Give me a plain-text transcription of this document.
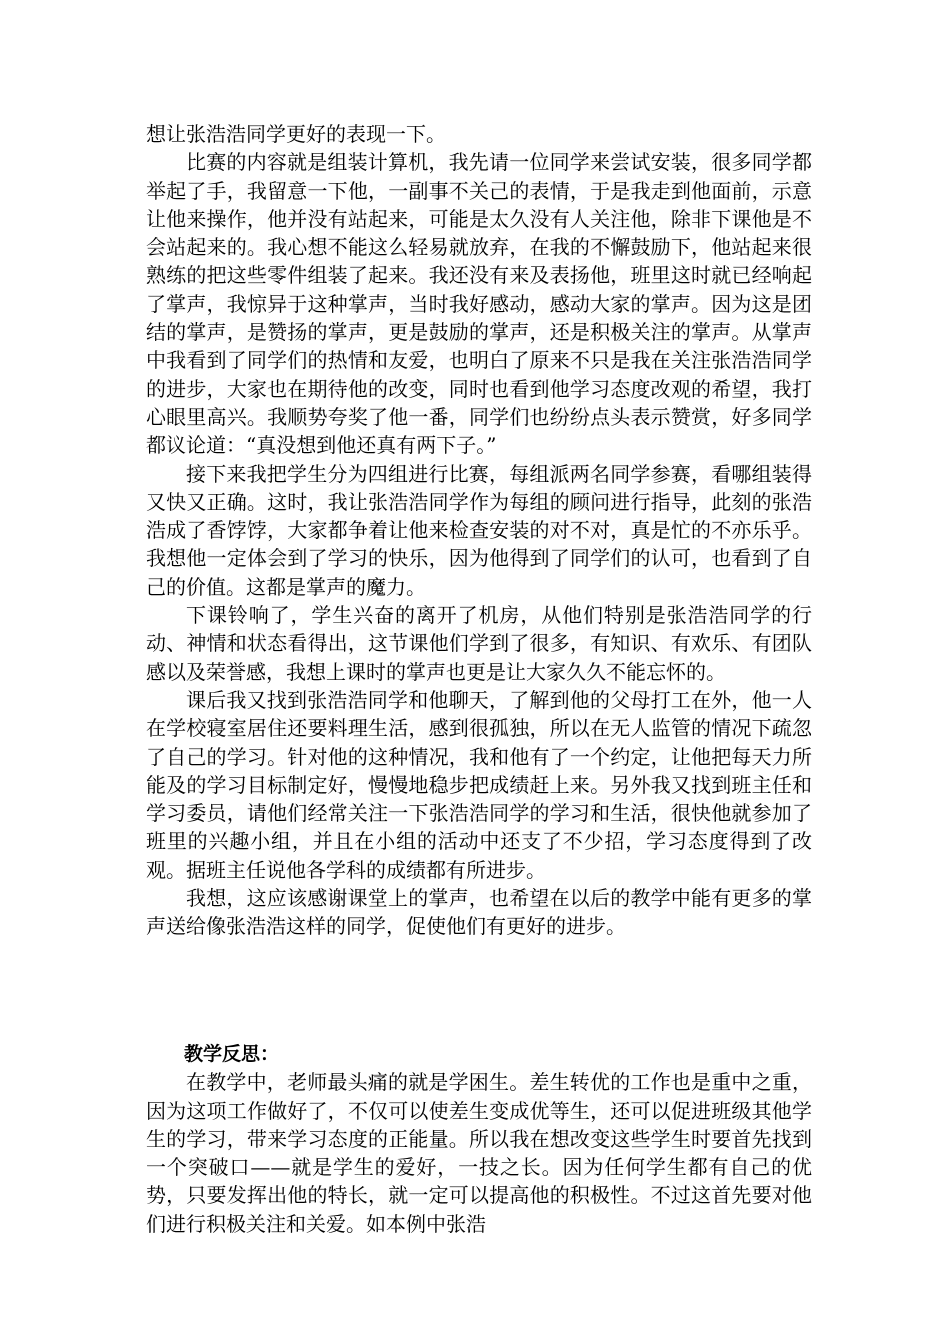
想让张浩浩同学更好的表现一下。

比赛的内容就是组装计算机，我先请一位同学来尝试安装，很多同学都举起了手，我留意一下他，一副事不关己的表情，于是我走到他面前，示意让他来操作，他并没有站起来，可能是太久没有人关注他，除非下课他是不会站起来的。我心想不能这么轻易就放弃，在我的不懈鼓励下，他站起来很熟练的把这些零件组装了起来。我还没有来及表扬他，班里这时就已经响起了掌声，我惊异于这种掌声，当时我好感动，感动大家的掌声。因为这是团结的掌声，是赞扬的掌声，更是鼓励的掌声，还是积极关注的掌声。从掌声中我看到了同学们的热情和友爱，也明白了原来不只是我在关注张浩浩同学的进步，大家也在期待他的改变，同时也看到他学习态度改观的希望，我打心眼里高兴。我顺势夸奖了他一番，同学们也纷纷点头表示赞赏，好多同学都议论道：“真没想到他还真有两下子。”

接下来我把学生分为四组进行比赛，每组派两名同学参赛，看哪组装得又快又正确。这时，我让张浩浩同学作为每组的顾问进行指导，此刻的张浩浩成了香饽饽，大家都争着让他来检查安装的对不对，真是忙的不亦乐乎。我想他一定体会到了学习的快乐，因为他得到了同学们的认可，也看到了自己的价值。这都是掌声的魔力。

下课铃响了，学生兴奋的离开了机房，从他们特别是张浩浩同学的行动、神情和状态看得出，这节课他们学到了很多，有知识、有欢乐、有团队感以及荣誉感，我想上课时的掌声也更是让大家久久不能忘怀的。

课后我又找到张浩浩同学和他聊天，了解到他的父母打工在外，他一人在学校寝室居住还要料理生活，感到很孤独，所以在无人监管的情况下疏忽了自己的学习。针对他的这种情况，我和他有了一个约定，让他把每天力所能及的学习目标制定好，慢慢地稳步把成绩赶上来。另外我又找到班主任和学习委员，请他们经常关注一下张浩浩同学的学习和生活，很快他就参加了班里的兴趣小组，并且在小组的活动中还支了不少招，学习态度得到了改观。据班主任说他各学科的成绩都有所进步。

我想，这应该感谢课堂上的掌声，也希望在以后的教学中能有更多的掌声送给像张浩浩这样的同学，促使他们有更好的进步。

教学反思：

在教学中，老师最头痛的就是学困生。差生转优的工作也是重中之重，因为这项工作做好了，不仅可以使差生变成优等生，还可以促进班级其他学生的学习，带来学习态度的正能量。所以我在想改变这些学生时要首先找到一个突破口——就是学生的爱好，一技之长。因为任何学生都有自己的优势，只要发挥出他的特长，就一定可以提高他的积极性。不过这首先要对他们进行积极关注和关爱。如本例中张浩
